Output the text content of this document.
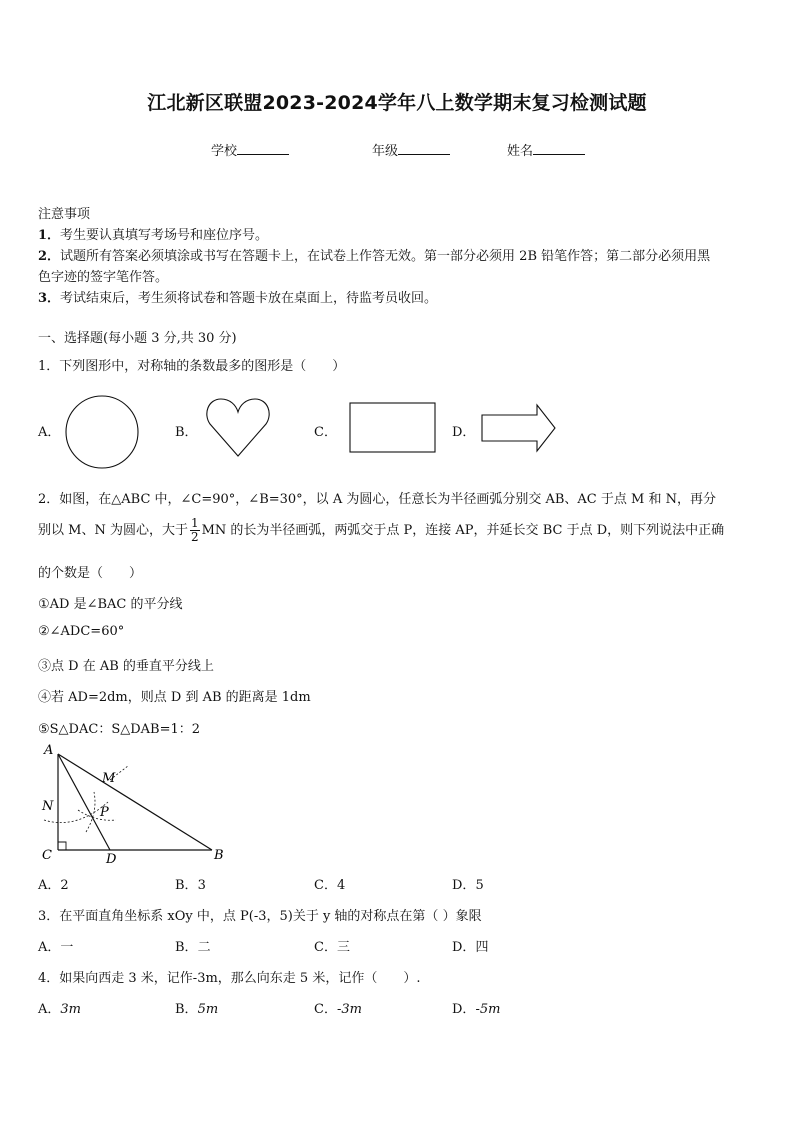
江北新区联盟2023-2024学年八上数学期末复习检测试题
学校	年级	姓名
注意事项
1．考生要认真填写考场号和座位序号。
2．试题所有答案必须填涂或书写在答题卡上，在试卷上作答无效。第一部分必须用 2B 铅笔作答；第二部分必须用黑
色字迹的签字笔作答。
3．考试结束后，考生须将试卷和答题卡放在桌面上，待监考员收回。
一、选择题(每小题 3 分,共 30 分)
1．下列图形中，对称轴的条数最多的图形是（　　）
A．	B．	C．	D．
2．如图，在△ABC 中，∠C=90°，∠B=30°，以 A 为圆心，任意长为半径画弧分别交 AB、AC 于点 M 和 N，再分
别以 M、N 为圆心，大于 $\frac{1}{2}$ MN 的长为半径画弧，两弧交于点 P，连接 AP，并延长交 BC 于点 D，则下列说法中正确
的个数是（　　）
①AD 是∠BAC 的平分线
②∠ADC=60°
③点 D 在 AB 的垂直平分线上
④若 AD=2dm，则点 D 到 AB 的距离是 1dm
⑤S△DAC：S△DAB=1：2
A
B
C	D
M
N	P
A．2	B．3	C．4	D．5
3．在平面直角坐标系 xOy 中，点 P(-3，5)关于 y 轴的对称点在第（ ）象限
A．一	B．二	C．三	D．四
4．如果向西走 3 米，记作-3m，那么向东走 5 米，记作（　　）.
A．3m	B．5m	C．-3m	D．-5m
